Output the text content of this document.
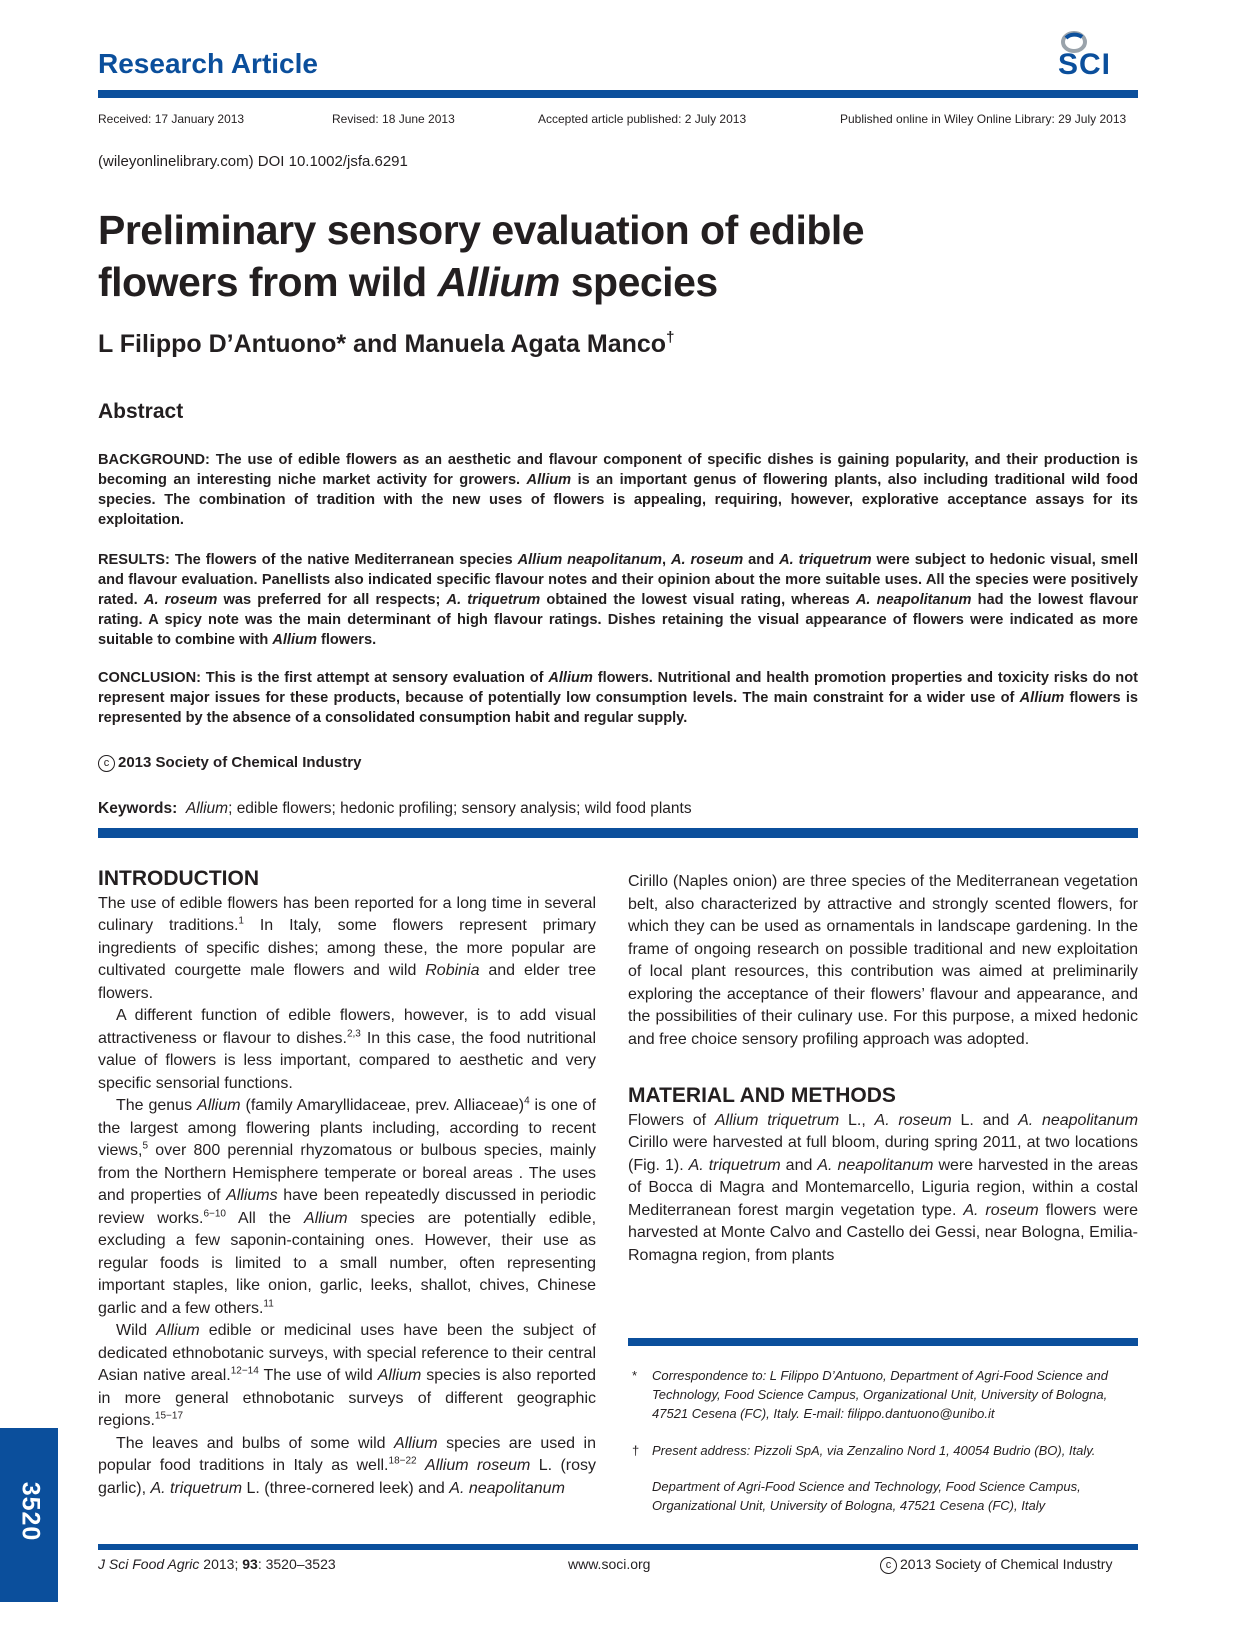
Research Article	SCI
Received: 17 January 2013	Revised: 18 June 2013	Accepted article published: 2 July 2013	Published online in Wiley Online Library: 29 July 2013
(wileyonlinelibrary.com) DOI 10.1002/jsfa.6291
Preliminary sensory evaluation of edible
flowers from wild Allium species
L Filippo D’Antuono* and Manuela Agata Manco†
Abstract
BACKGROUND: The use of edible flowers as an aesthetic and flavour component of specific dishes is gaining popularity, and their production is becoming an interesting niche market activity for growers. Allium is an important genus of flowering plants, also including traditional wild food species. The combination of tradition with the new uses of flowers is appealing, requiring, however, explorative acceptance assays for its exploitation.
RESULTS: The flowers of the native Mediterranean species Allium neapolitanum, A. roseum and A. triquetrum were subject to hedonic visual, smell and flavour evaluation. Panellists also indicated specific flavour notes and their opinion about the more suitable uses. All the species were positively rated. A. roseum was preferred for all respects; A. triquetrum obtained the lowest visual rating, whereas A. neapolitanum had the lowest flavour rating. A spicy note was the main determinant of high flavour ratings. Dishes retaining the visual appearance of flowers were indicated as more suitable to combine with Allium flowers.
CONCLUSION: This is the first attempt at sensory evaluation of Allium flowers. Nutritional and health promotion properties and toxicity risks do not represent major issues for these products, because of potentially low consumption levels. The main constraint for a wider use of Allium flowers is represented by the absence of a consolidated consumption habit and regular supply.
c 2013 Society of Chemical Industry
Keywords: Allium; edible flowers; hedonic profiling; sensory analysis; wild food plants
INTRODUCTION

The use of edible flowers has been reported for a long time in several culinary traditions.$^1$ In Italy, some flowers represent primary ingredients of specific dishes; among these, the more popular are cultivated courgette male flowers and wild Robinia and elder tree flowers.

A different function of edible flowers, however, is to add visual attractiveness or flavour to dishes.$^{2,3}$ In this case, the food nutritional value of flowers is less important, compared to aesthetic and very specific sensorial functions.

The genus Allium (family Amaryllidaceae, prev. Alliaceae)$^4$ is one of the largest among flowering plants including, according to recent views,$^5$ over 800 perennial rhyzomatous or bulbous species, mainly from the Northern Hemisphere temperate or boreal areas . The uses and properties of Alliums have been repeatedly discussed in periodic review works.$^{6-10}$ All the Allium species are potentially edible, excluding a few saponin-containing ones. However, their use as regular foods is limited to a small number, often representing important staples, like onion, garlic, leeks, shallot, chives, Chinese garlic and a few others.$^{11}$

Wild Allium edible or medicinal uses have been the subject of dedicated ethnobotanic surveys, with special reference to their central Asian native areal.$^{12-14}$ The use of wild Allium species is also reported in more general ethnobotanic surveys of different geographic regions.$^{15-17}$

The leaves and bulbs of some wild Allium species are used in popular food traditions in Italy as well.$^{18-22}$ Allium roseum L. (rosy garlic), A. triquetrum L. (three-cornered leek) and A. neapolitanum

Cirillo (Naples onion) are three species of the Mediterranean vegetation belt, also characterized by attractive and strongly scented flowers, for which they can be used as ornamentals in landscape gardening. In the frame of ongoing research on possible traditional and new exploitation of local plant resources, this contribution was aimed at preliminarily exploring the acceptance of their flowers’ flavour and appearance, and the possibilities of their culinary use. For this purpose, a mixed hedonic and free choice sensory profiling approach was adopted.

MATERIAL AND METHODS

Flowers of Allium triquetrum L., A. roseum L. and A. neapolitanum Cirillo were harvested at full bloom, during spring 2011, at two locations (Fig. 1). A. triquetrum and A. neapolitanum were harvested in the areas of Bocca di Magra and Montemarcello, Liguria region, within a costal Mediterranean forest margin vegetation type. A. roseum flowers were harvested at Monte Calvo and Castello dei Gessi, near Bologna, Emilia-Romagna region, from plants

* Correspondence to: L Filippo D’Antuono, Department of Agri-Food Science and Technology, Food Science Campus, Organizational Unit, University of Bologna, 47521 Cesena (FC), Italy. E-mail: filippo.dantuono@unibo.it
† Present address: Pizzoli SpA, via Zenzalino Nord 1, 40054 Budrio (BO), Italy.
Department of Agri-Food Science and Technology, Food Science Campus, Organizational Unit, University of Bologna, 47521 Cesena (FC), Italy
3520
J Sci Food Agric 2013; 93: 3520–3523	www.soci.org	c 2013 Society of Chemical Industry
